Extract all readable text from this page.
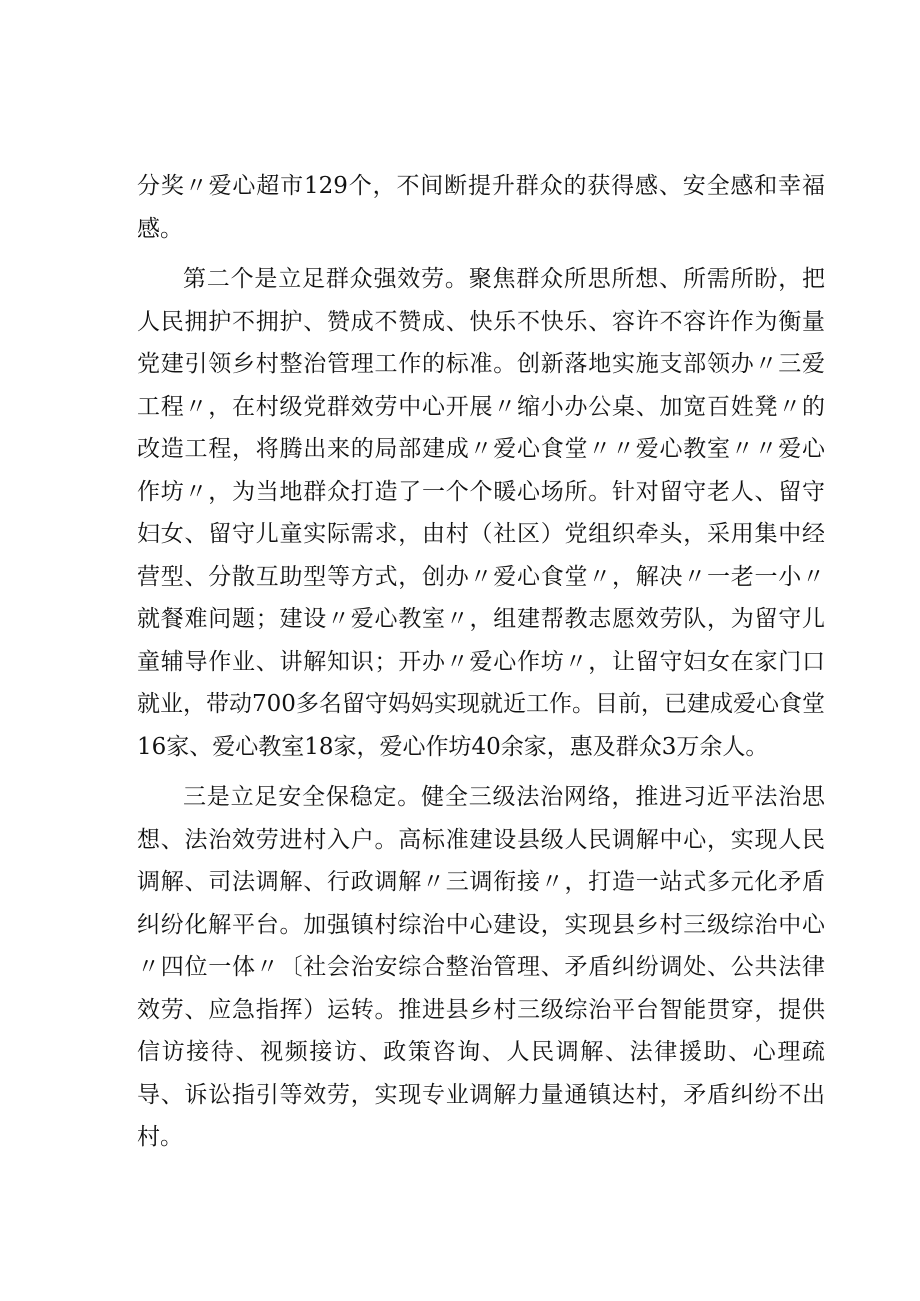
分奖〃爱心超市129个，不间断提升群众的获得感、安全感和幸福感。

第二个是立足群众强效劳。聚焦群众所思所想、所需所盼，把人民拥护不拥护、赞成不赞成、快乐不快乐、容许不容许作为衡量党建引领乡村整治管理工作的标准。创新落地实施支部领办〃三爱工程〃，在村级党群效劳中心开展〃缩小办公桌、加宽百姓凳〃的改造工程，将腾出来的局部建成〃爱心食堂〃〃爱心教室〃〃爱心作坊〃，为当地群众打造了一个个暖心场所。针对留守老人、留守妇女、留守儿童实际需求，由村（社区）党组织牵头，采用集中经营型、分散互助型等方式，创办〃爱心食堂〃，解决〃一老一小〃就餐难问题；建设〃爱心教室〃，组建帮教志愿效劳队，为留守儿童辅导作业、讲解知识；开办〃爱心作坊〃，让留守妇女在家门口就业，带动700多名留守妈妈实现就近工作。目前，已建成爱心食堂16家、爱心教室18家，爱心作坊40余家，惠及群众3万余人。

三是立足安全保稳定。健全三级法治网络，推进习近平法治思想、法治效劳进村入户。高标准建设县级人民调解中心，实现人民调解、司法调解、行政调解〃三调衔接〃，打造一站式多元化矛盾纠纷化解平台。加强镇村综治中心建设，实现县乡村三级综治中心〃四位一体〃〔社会治安综合整治管理、矛盾纠纷调处、公共法律效劳、应急指挥）运转。推进县乡村三级综治平台智能贯穿，提供信访接待、视频接访、政策咨询、人民调解、法律援助、心理疏导、诉讼指引等效劳，实现专业调解力量通镇达村，矛盾纠纷不出村。
